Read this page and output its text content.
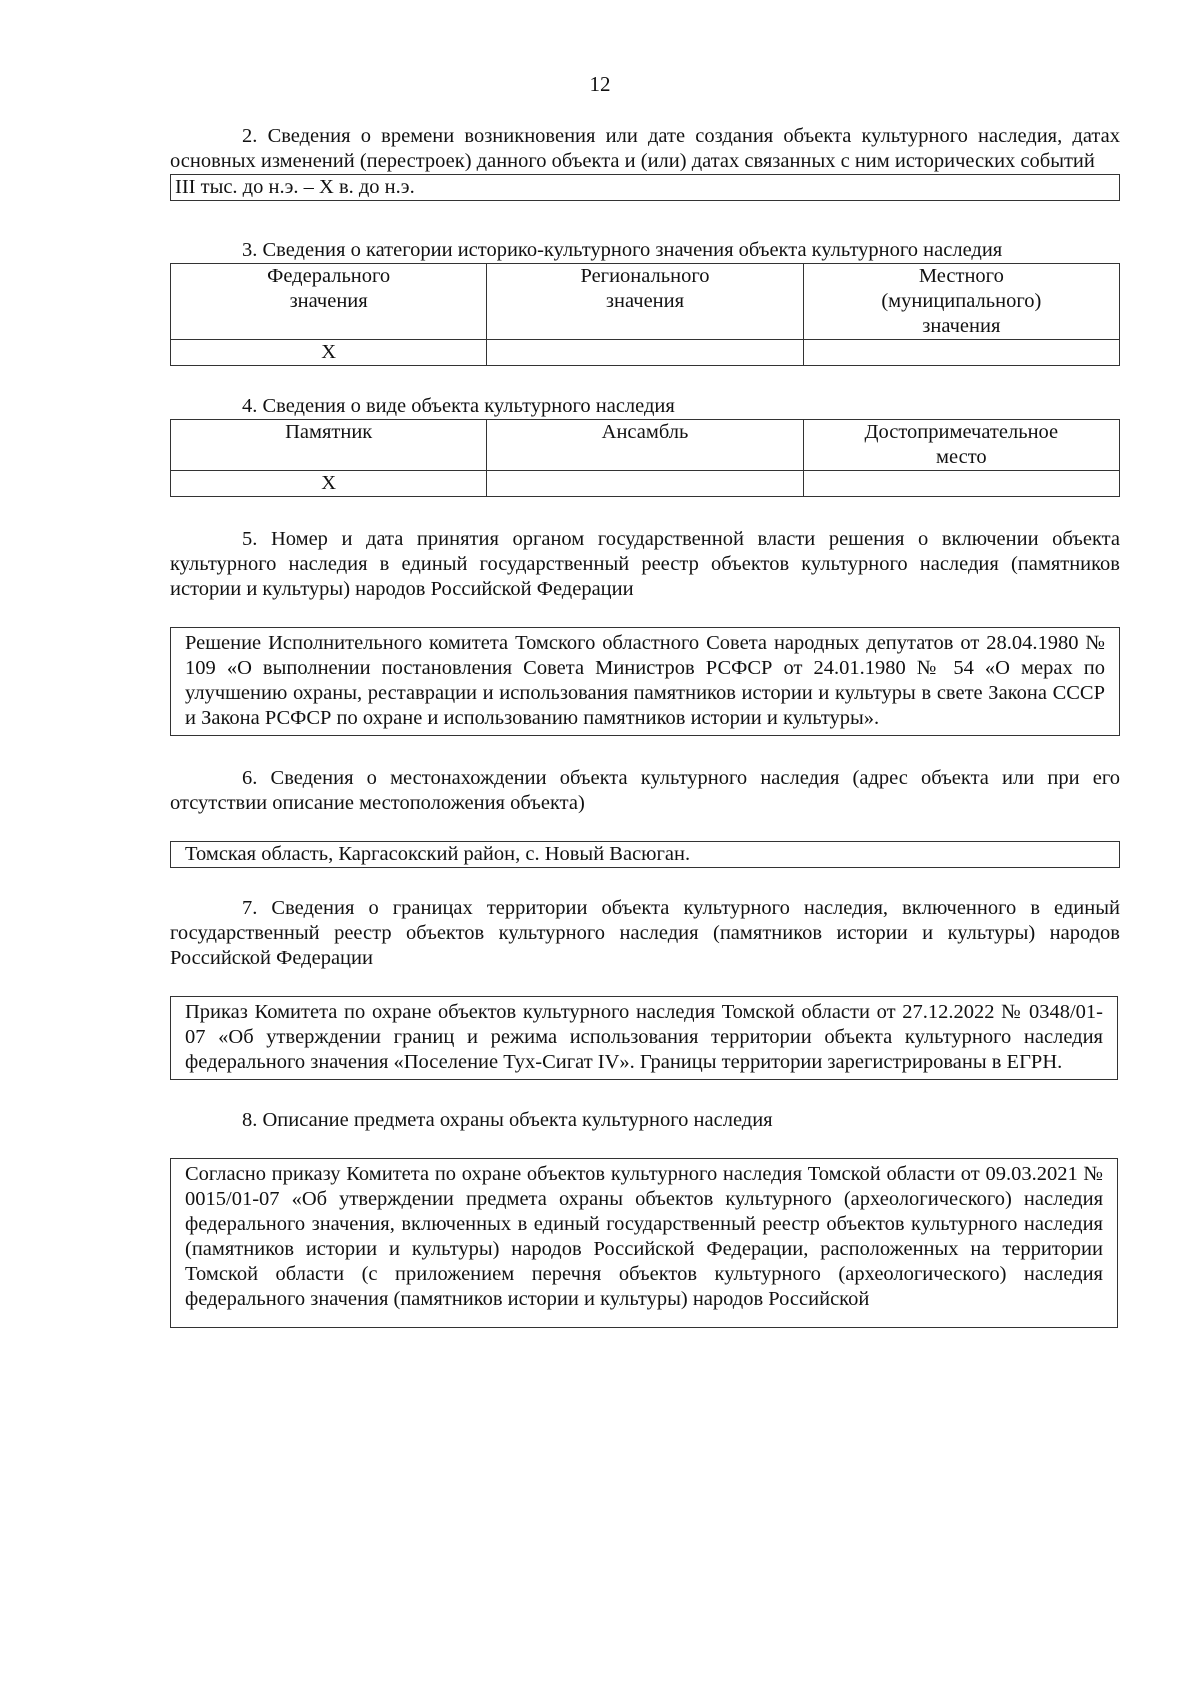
12

2. Сведения о времени возникновения или дате создания объекта культурного наследия, датах основных изменений (перестроек) данного объекта и (или) датах связанных с ним исторических событий

III тыс. до н.э. – X в. до н.э.

3. Сведения о категории историко-культурного значения объекта культурного наследия

Федерального значения	Регионального значения	Местного (муниципального) значения
Х		

4. Сведения о виде объекта культурного наследия

Памятник	Ансамбль	Достопримечательное место
Х		

5. Номер и дата принятия органом государственной власти решения о включении объекта культурного наследия в единый государственный реестр объектов культурного наследия (памятников истории и культуры) народов Российской Федерации

Решение Исполнительного комитета Томского областного Совета народных депутатов от 28.04.1980 № 109 «О выполнении постановления Совета Министров РСФСР от 24.01.1980 № 54 «О мерах по улучшению охраны, реставрации и использования памятников истории и культуры в свете Закона СССР и Закона РСФСР по охране и использованию памятников истории и культуры».

6. Сведения о местонахождении объекта культурного наследия (адрес объекта или при его отсутствии описание местоположения объекта)

Томская область, Каргасокский район, с. Новый Васюган.

7. Сведения о границах территории объекта культурного наследия, включенного в единый государственный реестр объектов культурного наследия (памятников истории и культуры) народов Российской Федерации

Приказ Комитета по охране объектов культурного наследия Томской области от 27.12.2022 № 0348/01-07 «Об утверждении границ и режима использования территории объекта культурного наследия федерального значения «Поселение Тух-Сигат IV». Границы территории зарегистрированы в ЕГРН.

8. Описание предмета охраны объекта культурного наследия

Согласно приказу Комитета по охране объектов культурного наследия Томской области от 09.03.2021 № 0015/01-07 «Об утверждении предмета охраны объектов культурного (археологического) наследия федерального значения, включенных в единый государственный реестр объектов культурного наследия (памятников истории и культуры) народов Российской Федерации, расположенных на территории Томской области (с приложением перечня объектов культурного (археологического) наследия федерального значения (памятников истории и культуры) народов Российской
